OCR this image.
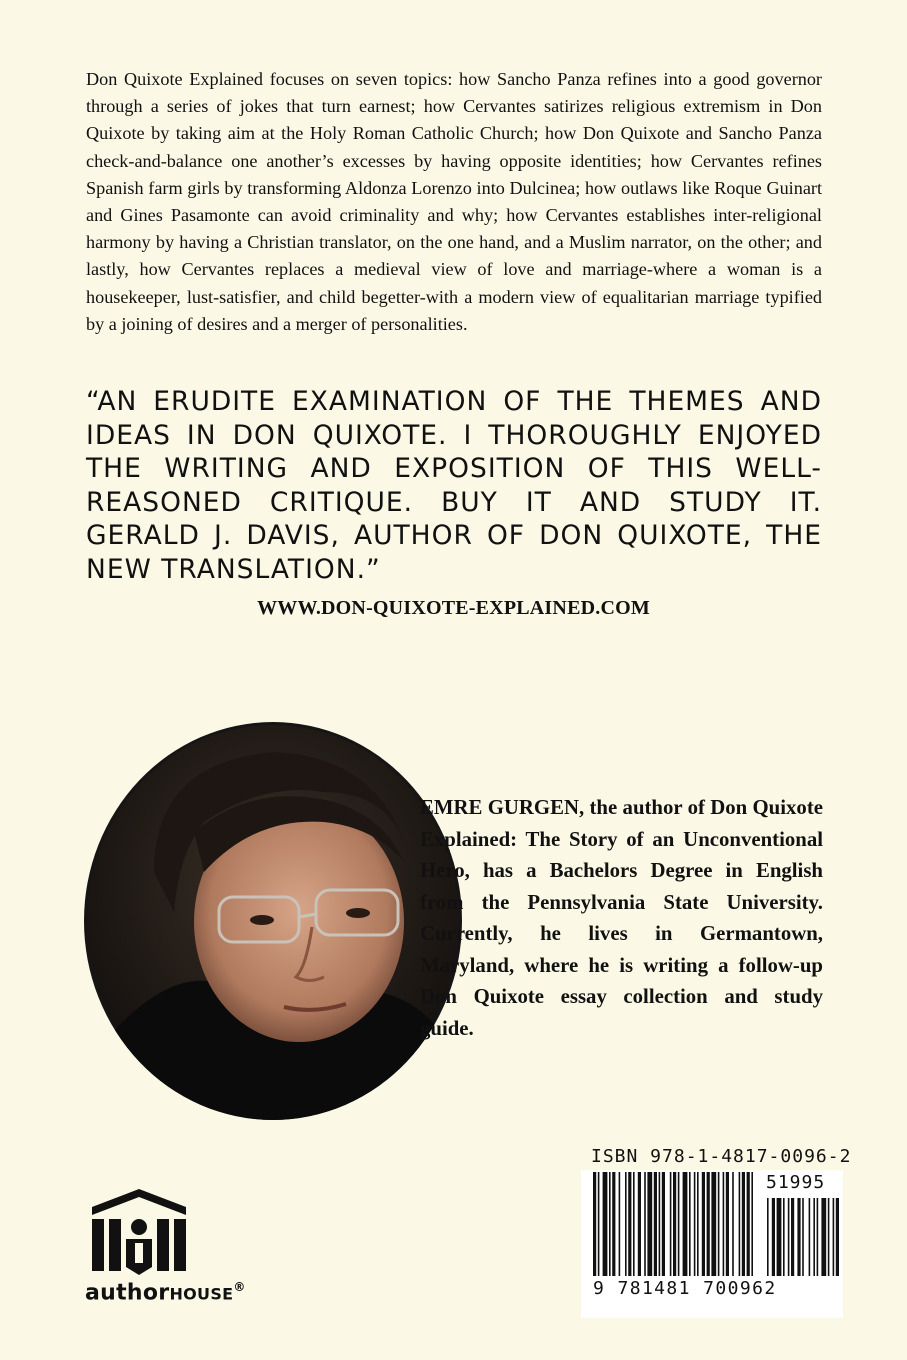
Don Quixote Explained focuses on seven topics: how Sancho Panza refines into a good governor through a series of jokes that turn earnest; how Cervantes satirizes religious extremism in Don Quixote by taking aim at the Holy Roman Catholic Church; how Don Quixote and Sancho Panza check-and-balance one another’s excesses by having opposite identities; how Cervantes refines Spanish farm girls by transforming Aldonza Lorenzo into Dulcinea; how outlaws like Roque Guinart and Gines Pasamonte can avoid criminality and why; how Cervantes establishes inter-religional harmony by having a Christian translator, on the one hand, and a Muslim narrator, on the other; and lastly, how Cervantes replaces a medieval view of love and marriage-where a woman is a housekeeper, lust-satisfier, and child begetter-with a modern view of equalitarian marriage typified by a joining of desires and a merger of personalities.

“AN ERUDITE EXAMINATION OF THE THEMES AND IDEAS IN DON QUIXOTE. I THOROUGHLY ENJOYED THE WRITING AND EXPOSITION OF THIS WELL-REASONED CRITIQUE. BUY IT AND STUDY IT. GERALD J. DAVIS, AUTHOR OF DON QUIXOTE, THE NEW TRANSLATION.”

WWW.DON-QUIXOTE-EXPLAINED.COM

EMRE GURGEN, the author of Don Quixote Explained: The Story of an Unconventional Hero, has a Bachelors Degree in English from the Pennsylvania State University. Currently, he lives in Germantown, Maryland, where he is writing a follow-up Don Quixote essay collection and study guide.

ISBN 978-1-4817-0096-2
51995
9 781481 700962
authorHOUSE®
